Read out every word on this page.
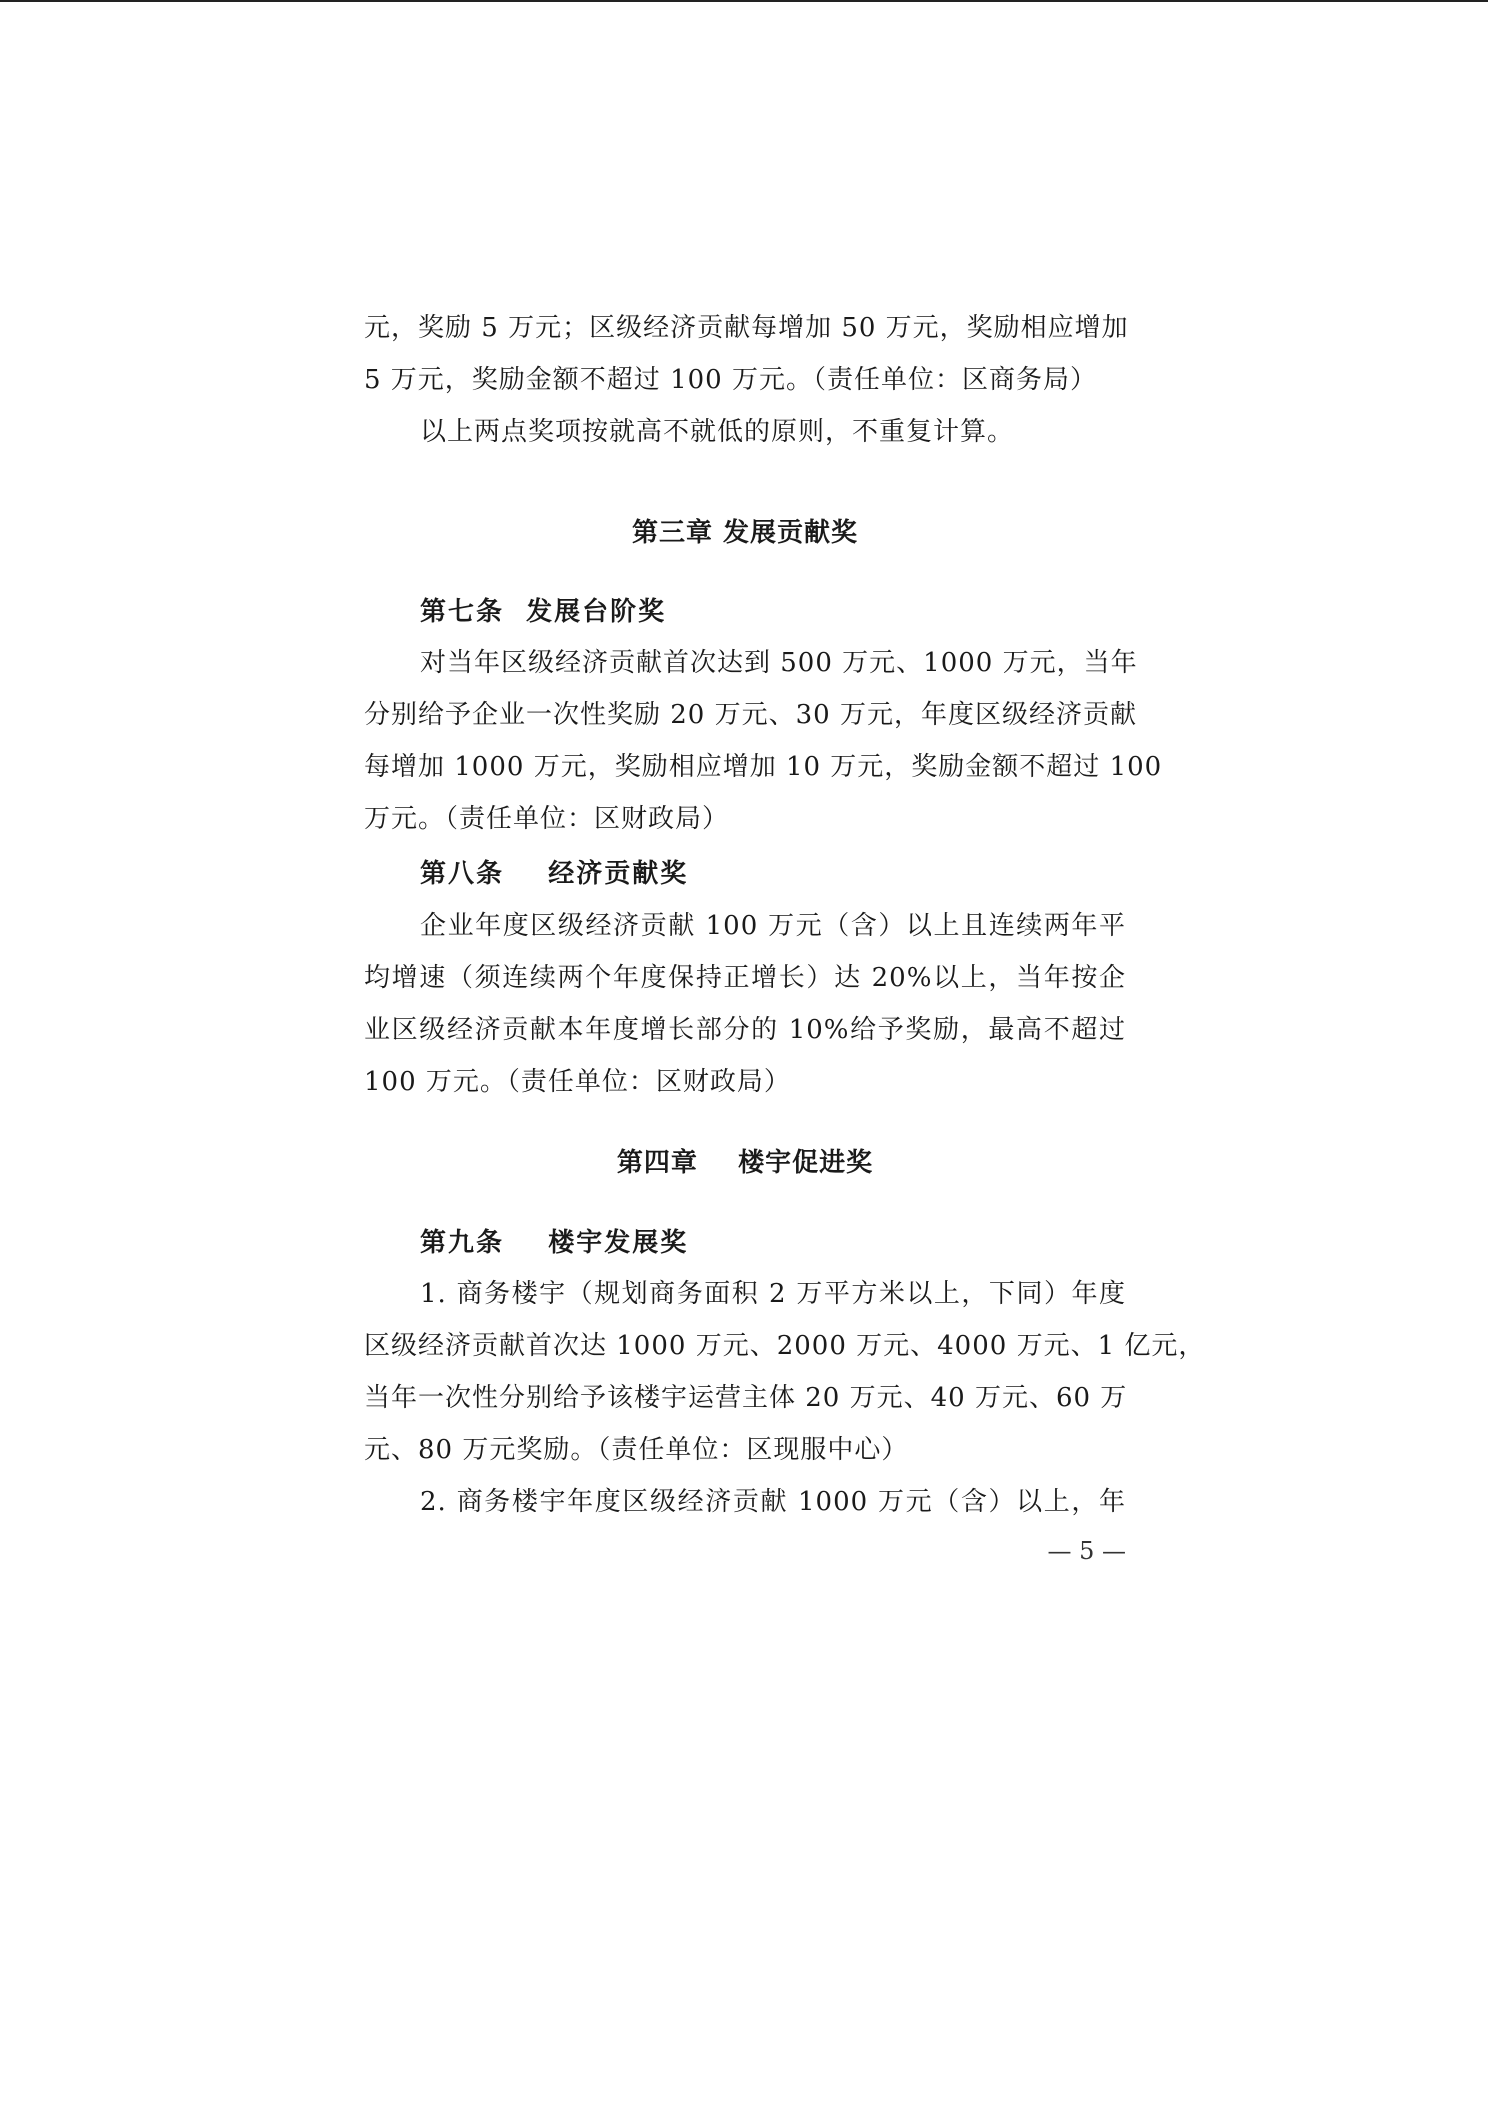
元，奖励 5 万元；区级经济贡献每增加 50 万元，奖励相应增加
5 万元，奖励金额不超过 100 万元。（责任单位：区商务局）
以上两点奖项按就高不就低的原则，不重复计算。
第三章 发展贡献奖
第七条  发展台阶奖
对当年区级经济贡献首次达到 500 万元、1000 万元，当年
分别给予企业一次性奖励 20 万元、30 万元，年度区级经济贡献
每增加 1000 万元，奖励相应增加 10 万元，奖励金额不超过 100
万元。（责任单位：区财政局）
第八条    经济贡献奖
企业年度区级经济贡献 100 万元（含）以上且连续两年平
均增速（须连续两个年度保持正增长）达 20%以上，当年按企
业区级经济贡献本年度增长部分的 10%给予奖励，最高不超过
100 万元。（责任单位：区财政局）
第四章    楼宇促进奖
第九条    楼宇发展奖
1. 商务楼宇（规划商务面积 2 万平方米以上，下同）年度
区级经济贡献首次达 1000 万元、2000 万元、4000 万元、1 亿元，
当年一次性分别给予该楼宇运营主体 20 万元、40 万元、60 万
元、80 万元奖励。（责任单位：区现服中心）
2. 商务楼宇年度区级经济贡献 1000 万元（含）以上，年
— 5 —
